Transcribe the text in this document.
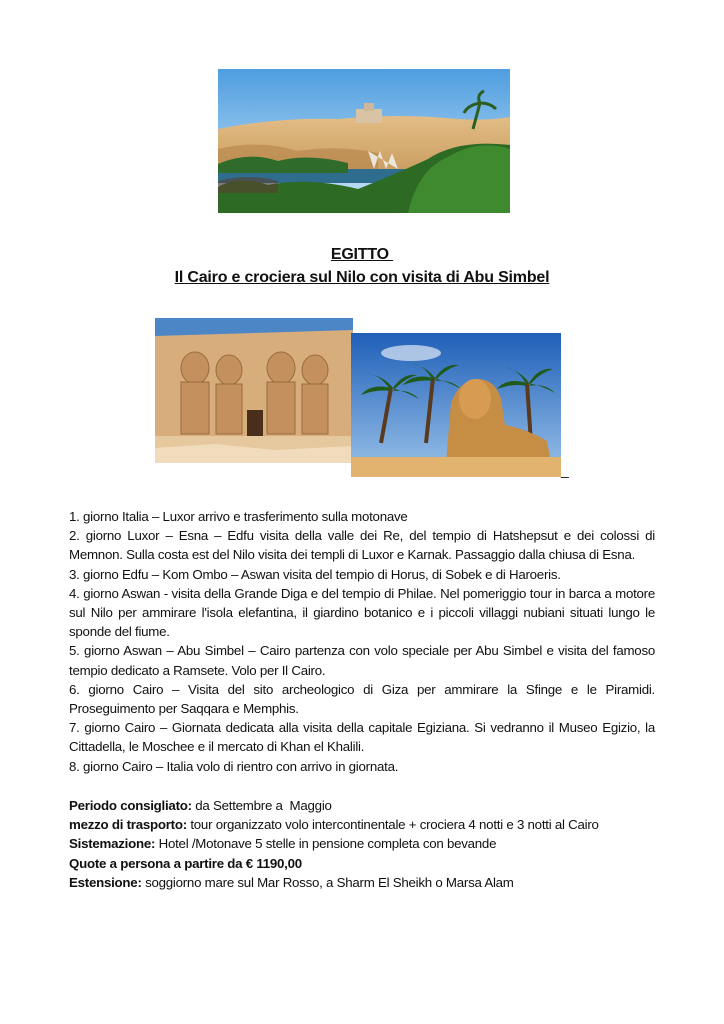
EGITTO
Il Cairo e crociera sul Nilo con visita di Abu Simbel
_

1. giorno Italia – Luxor arrivo e trasferimento sulla motonave

2. giorno Luxor – Esna – Edfu visita della valle dei Re, del tempio di Hatshepsut e dei colossi di Memnon. Sulla costa est del Nilo visita dei templi di Luxor e Karnak. Passaggio dalla chiusa di Esna.

3. giorno Edfu – Kom Ombo – Aswan visita del tempio di Horus, di Sobek e di Haroeris.

4. giorno Aswan - visita della Grande Diga e del tempio di Philae. Nel pomeriggio tour in barca a motore sul Nilo per ammirare l'isola elefantina, il giardino botanico e i piccoli villaggi nubiani situati lungo le sponde del fiume.

5. giorno Aswan – Abu Simbel – Cairo partenza con volo speciale per Abu Simbel e visita del famoso tempio dedicato a Ramsete. Volo per Il Cairo.

6. giorno Cairo – Visita del sito archeologico di Giza per ammirare la Sfinge e le Piramidi. Proseguimento per Saqqara e Memphis.

7. giorno Cairo – Giornata dedicata alla visita della capitale Egiziana. Si vedranno il Museo Egizio, la Cittadella, le Moschee e il mercato di Khan el Khalili.

8. giorno Cairo – Italia volo di rientro con arrivo in giornata.

Periodo consigliato: da Settembre a  Maggio

mezzo di trasporto: tour organizzato volo intercontinentale + crociera 4 notti e 3 notti al Cairo

Sistemazione: Hotel /Motonave 5 stelle in pensione completa con bevande

Quote a persona a partire da € 1190,00

Estensione: soggiorno mare sul Mar Rosso, a Sharm El Sheikh o Marsa Alam
